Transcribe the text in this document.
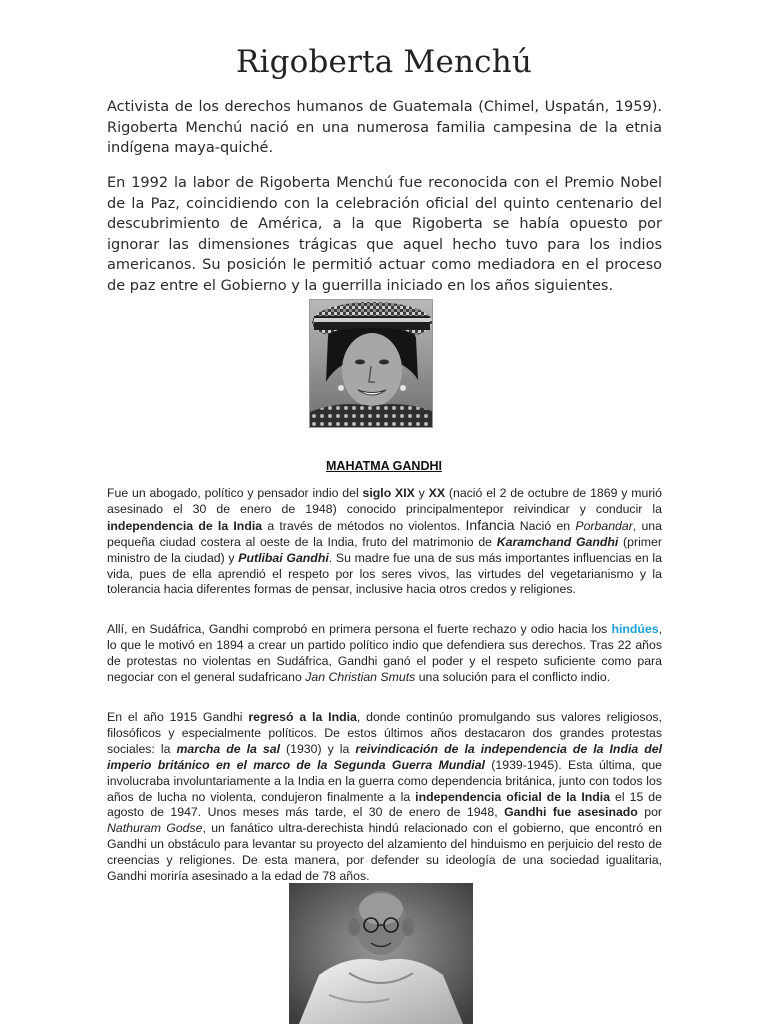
Rigoberta Menchú

Activista de los derechos humanos de Guatemala (Chimel, Uspatán, 1959). Rigoberta Menchú nació en una numerosa familia campesina de la etnia indígena maya-quiché.

En 1992 la labor de Rigoberta Menchú fue reconocida con el Premio Nobel de la Paz, coincidiendo con la celebración oficial del quinto centenario del descubrimiento de América, a la que Rigoberta se había opuesto por ignorar las dimensiones trágicas que aquel hecho tuvo para los indios americanos. Su posición le permitió actuar como mediadora en el proceso de paz entre el Gobierno y la guerrilla iniciado en los años siguientes.

MAHATMA GANDHI

Fue un abogado, político y pensador indio del siglo XIX y XX (nació el 2 de octubre de 1869 y murió asesinado el 30 de enero de 1948) conocido principalmentepor reivindicar y conducir la independencia de la India a través de métodos no violentos. Infancia Nació en Porbandar, una pequeña ciudad costera al oeste de la India, fruto del matrimonio de Karamchand Gandhi (primer ministro de la ciudad) y Putlibai Gandhi. Su madre fue una de sus más importantes influencias en la vida, pues de ella aprendió el respeto por los seres vivos, las virtudes del vegetarianismo y la tolerancia hacia diferentes formas de pensar, inclusive hacia otros credos y religiones.

Allí, en Sudáfrica, Gandhi comprobó en primera persona el fuerte rechazo y odio hacia los hindúes, lo que le motivó en 1894 a crear un partido político indio que defendiera sus derechos. Tras 22 años de protestas no violentas en Sudáfrica, Gandhi ganó el poder y el respeto suficiente como para negociar con el general sudafricano Jan Christian Smuts una solución para el conflicto indio.

En el año 1915 Gandhi regresó a la India, donde continúo promulgando sus valores religiosos, filosóficos y especialmente políticos. De estos últimos años destacaron dos grandes protestas sociales: la marcha de la sal (1930) y la reivindicación de la independencia de la India del imperio británico en el marco de la Segunda Guerra Mundial (1939-1945). Esta última, que involucraba involuntariamente a la India en la guerra como dependencia británica, junto con todos los años de lucha no violenta, condujeron finalmente a la independencia oficial de la India el 15 de agosto de 1947. Unos meses más tarde, el 30 de enero de 1948, Gandhi fue asesinado por Nathuram Godse, un fanático ultra-derechista hindú relacionado con el gobierno, que encontró en Gandhi un obstáculo para levantar su proyecto del alzamiento del hinduismo en perjuicio del resto de creencias y religiones. De esta manera, por defender su ideología de una sociedad igualitaria, Gandhi moriría asesinado a la edad de 78 años.
